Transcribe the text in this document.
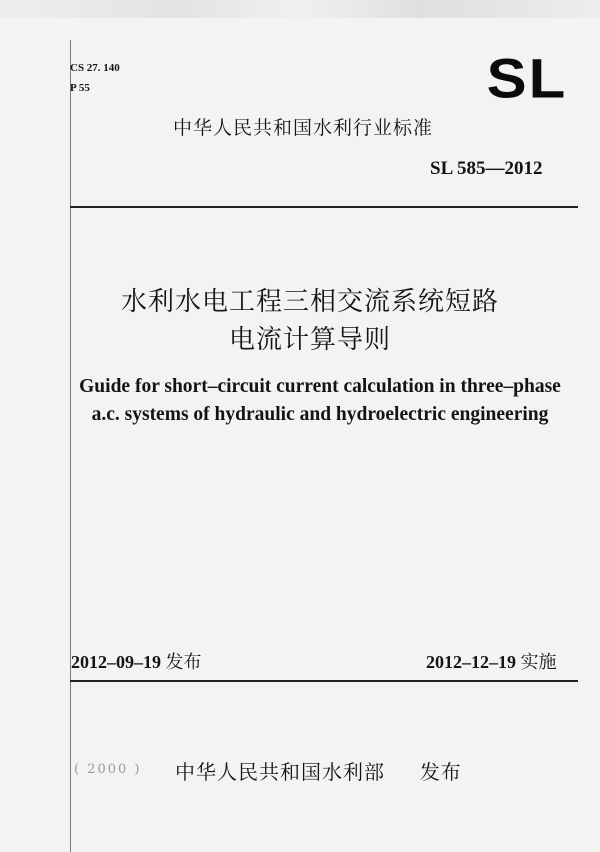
CS 27. 140
P 55	SL
中华人民共和国水利行业标准
SL 585—2012
水利水电工程三相交流系统短路
电流计算导则
Guide for short–circuit current calculation in three–phase
a.c. systems of hydraulic and hydroelectric engineering
2012–09–19 发布	2012–12–19 实施
( 2000 ) 中华人民共和国水利部 发布
